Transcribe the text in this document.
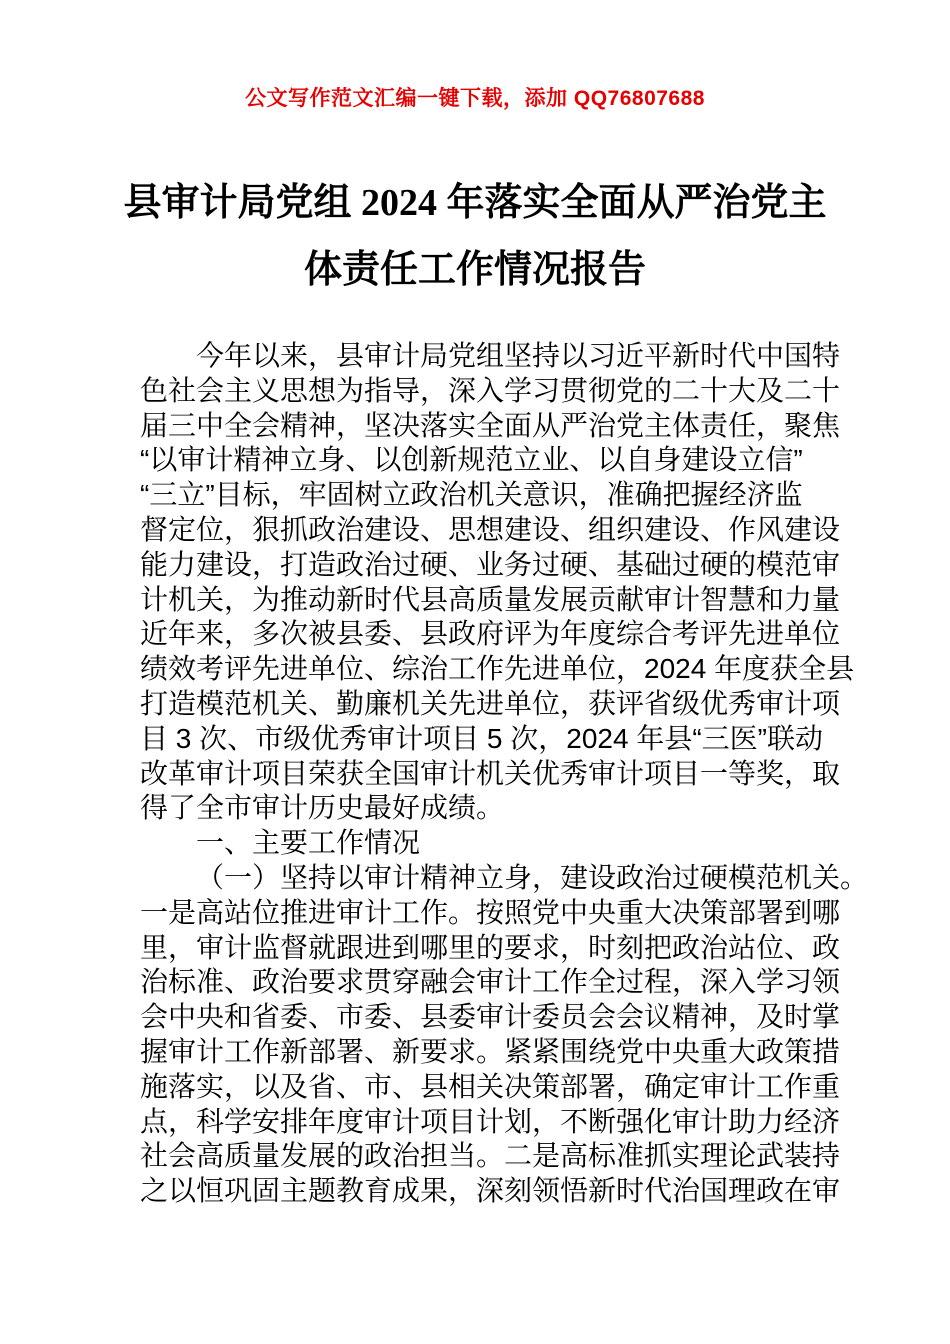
公文写作范文汇编一键下载，添加 QQ76807688
县审计局党组 2024 年落实全面从严治党主
体责任工作情况报告
今年以来，县审计局党组坚持以习近平新时代中国特
色社会主义思想为指导，深入学习贯彻党的二十大及二十
届三中全会精神，坚决落实全面从严治党主体责任，聚焦
“以审计精神立身、以创新规范立业、以自身建设立信”
“三立”目标，牢固树立政治机关意识，准确把握经济监
督定位，狠抓政治建设、思想建设、组织建设、作风建设
能力建设，打造政治过硬、业务过硬、基础过硬的模范审
计机关，为推动新时代县高质量发展贡献审计智慧和力量
近年来，多次被县委、县政府评为年度综合考评先进单位
绩效考评先进单位、综治工作先进单位，2024 年度获全县
打造模范机关、勤廉机关先进单位，获评省级优秀审计项
目 3 次、市级优秀审计项目 5 次，2024 年县“三医”联动
改革审计项目荣获全国审计机关优秀审计项目一等奖，取
得了全市审计历史最好成绩。
一、主要工作情况
（一）坚持以审计精神立身，建设政治过硬模范机关。
一是高站位推进审计工作。按照党中央重大决策部署到哪
里，审计监督就跟进到哪里的要求，时刻把政治站位、政
治标准、政治要求贯穿融会审计工作全过程，深入学习领
会中央和省委、市委、县委审计委员会会议精神，及时掌
握审计工作新部署、新要求。紧紧围绕党中央重大政策措
施落实，以及省、市、县相关决策部署，确定审计工作重
点，科学安排年度审计项目计划，不断强化审计助力经济
社会高质量发展的政治担当。二是高标准抓实理论武装持
之以恒巩固主题教育成果，深刻领悟新时代治国理政在审
